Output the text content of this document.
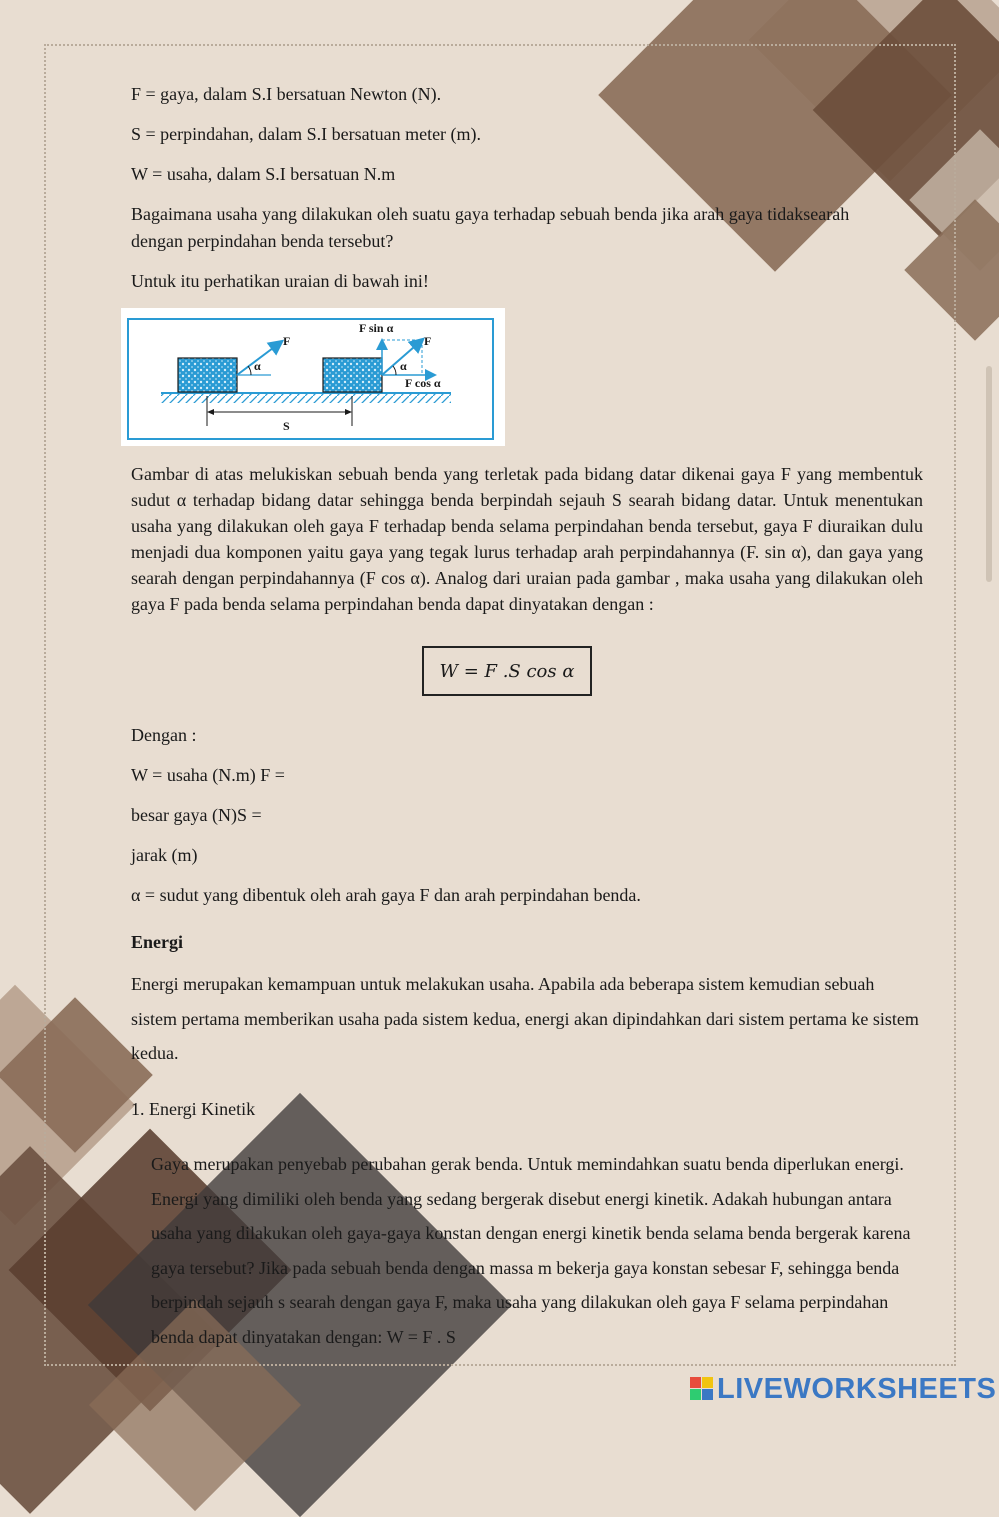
F = gaya, dalam S.I bersatuan Newton (N).
S = perpindahan, dalam S.I bersatuan meter (m).
W = usaha, dalam S.I bersatuan N.m
Bagaimana usaha yang dilakukan oleh suatu gaya terhadap sebuah benda jika arah gaya tidaksearah
dengan perpindahan benda tersebut?
Untuk itu perhatikan uraian di bawah ini!
Gambar di atas melukiskan sebuah benda yang terletak pada bidang datar dikenai gaya F yang membentuk sudut α terhadap bidang datar sehingga benda berpindah sejauh S searah bidang datar. Untuk menentukan usaha yang dilakukan oleh gaya F terhadap benda selama perpindahan benda tersebut, gaya F diuraikan dulu menjadi dua komponen yaitu gaya yang tegak lurus terhadap arah perpindahannya (F. sin α), dan gaya yang searah dengan perpindahannya (F cos α). Analog dari uraian pada gambar , maka usaha yang dilakukan oleh gaya F pada benda selama perpindahan benda dapat dinyatakan dengan :
Dengan :
W = usaha (N.m) F =
besar gaya (N)S =
jarak (m)
α = sudut yang dibentuk oleh arah gaya F dan arah perpindahan benda.
Energi
Energi merupakan kemampuan untuk melakukan usaha. Apabila ada beberapa sistem kemudian sebuah sistem pertama memberikan usaha pada sistem kedua, energi akan dipindahkan dari sistem pertama ke sistem kedua.
1. Energi Kinetik
Gaya merupakan penyebab perubahan gerak benda. Untuk memindahkan suatu benda diperlukan energi. Energi yang dimiliki oleh benda yang sedang bergerak disebut energi kinetik. Adakah hubungan antara usaha yang dilakukan oleh gaya-gaya konstan dengan energi kinetik benda selama benda bergerak karena gaya tersebut? Jika pada sebuah benda dengan massa m bekerja gaya konstan sebesar F, sehingga benda berpindah sejauh s searah dengan gaya F, maka usaha yang dilakukan oleh gaya F selama perpindahan benda dapat dinyatakan dengan: W = F . S
F
α
F sin α
F
α
F cos α
S
W = F .S cos α
LIVEWORKSHEETS
